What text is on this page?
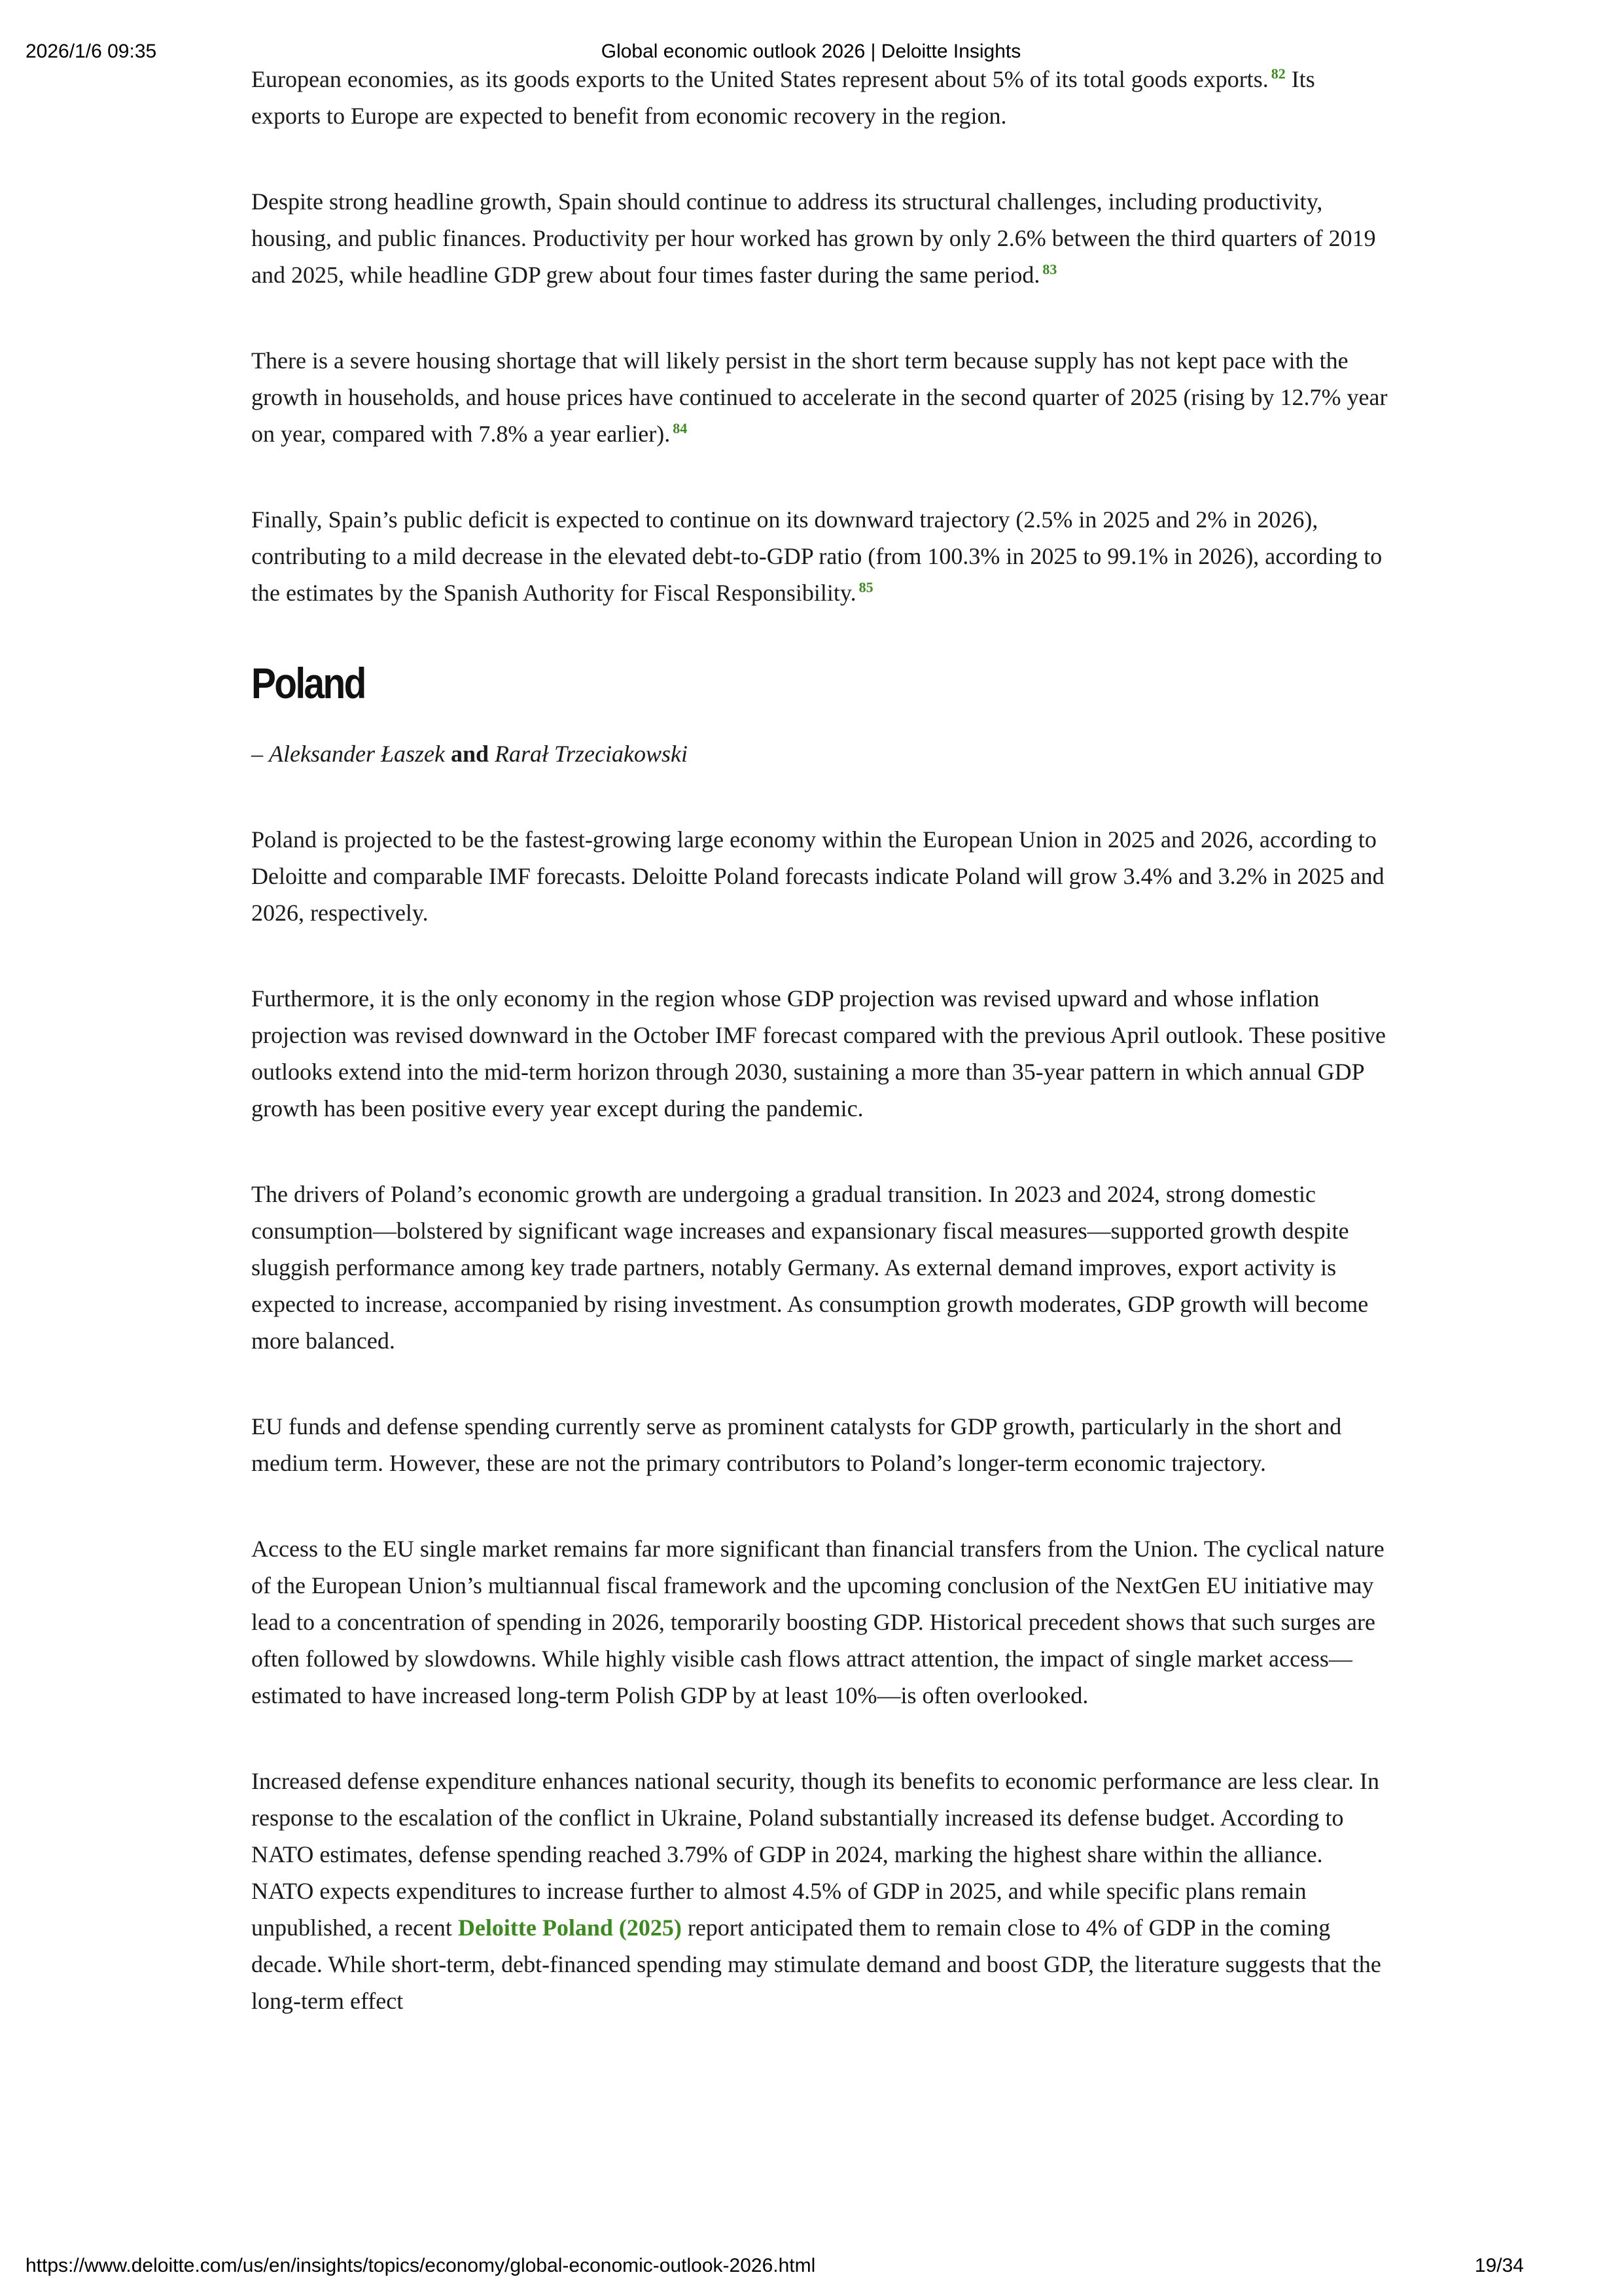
2026/1/6 09:35	Global economic outlook 2026 | Deloitte Insights

European economies, as its goods exports to the United States represent about 5% of its total goods exports. $^{82}$ Its exports to Europe are expected to benefit from economic recovery in the region.

Despite strong headline growth, Spain should continue to address its structural challenges, including productivity, housing, and public finances. Productivity per hour worked has grown by only 2.6% between the third quarters of 2019 and 2025, while headline GDP grew about four times faster during the same period. $^{83}$

There is a severe housing shortage that will likely persist in the short term because supply has not kept pace with the growth in households, and house prices have continued to accelerate in the second quarter of 2025 (rising by 12.7% year on year, compared with 7.8% a year earlier). $^{84}$

Finally, Spain’s public deficit is expected to continue on its downward trajectory (2.5% in 2025 and 2% in 2026), contributing to a mild decrease in the elevated debt-to-GDP ratio (from 100.3% in 2025 to 99.1% in 2026), according to the estimates by the Spanish Authority for Fiscal Responsibility. $^{85}$

Poland

– Aleksander Łaszek and Rarał Trzeciakowski

Poland is projected to be the fastest-growing large economy within the European Union in 2025 and 2026, according to Deloitte and comparable IMF forecasts. Deloitte Poland forecasts indicate Poland will grow 3.4% and 3.2% in 2025 and 2026, respectively.

Furthermore, it is the only economy in the region whose GDP projection was revised upward and whose inflation projection was revised downward in the October IMF forecast compared with the previous April outlook. These positive outlooks extend into the mid-term horizon through 2030, sustaining a more than 35-year pattern in which annual GDP growth has been positive every year except during the pandemic.

The drivers of Poland’s economic growth are undergoing a gradual transition. In 2023 and 2024, strong domestic consumption—bolstered by significant wage increases and expansionary fiscal measures—supported growth despite sluggish performance among key trade partners, notably Germany. As external demand improves, export activity is expected to increase, accompanied by rising investment. As consumption growth moderates, GDP growth will become more balanced.

EU funds and defense spending currently serve as prominent catalysts for GDP growth, particularly in the short and medium term. However, these are not the primary contributors to Poland’s longer-term economic trajectory.

Access to the EU single market remains far more significant than financial transfers from the Union. The cyclical nature of the European Union’s multiannual fiscal framework and the upcoming conclusion of the NextGen EU initiative may lead to a concentration of spending in 2026, temporarily boosting GDP. Historical precedent shows that such surges are often followed by slowdowns. While highly visible cash flows attract attention, the impact of single market access—estimated to have increased long-term Polish GDP by at least 10%—is often overlooked.

Increased defense expenditure enhances national security, though its benefits to economic performance are less clear. In response to the escalation of the conflict in Ukraine, Poland substantially increased its defense budget. According to NATO estimates, defense spending reached 3.79% of GDP in 2024, marking the highest share within the alliance. NATO expects expenditures to increase further to almost 4.5% of GDP in 2025, and while specific plans remain unpublished, a recent Deloitte Poland (2025) report anticipated them to remain close to 4% of GDP in the coming decade. While short-term, debt-financed spending may stimulate demand and boost GDP, the literature suggests that the long-term effect

https://www.deloitte.com/us/en/insights/topics/economy/global-economic-outlook-2026.html	19/34
